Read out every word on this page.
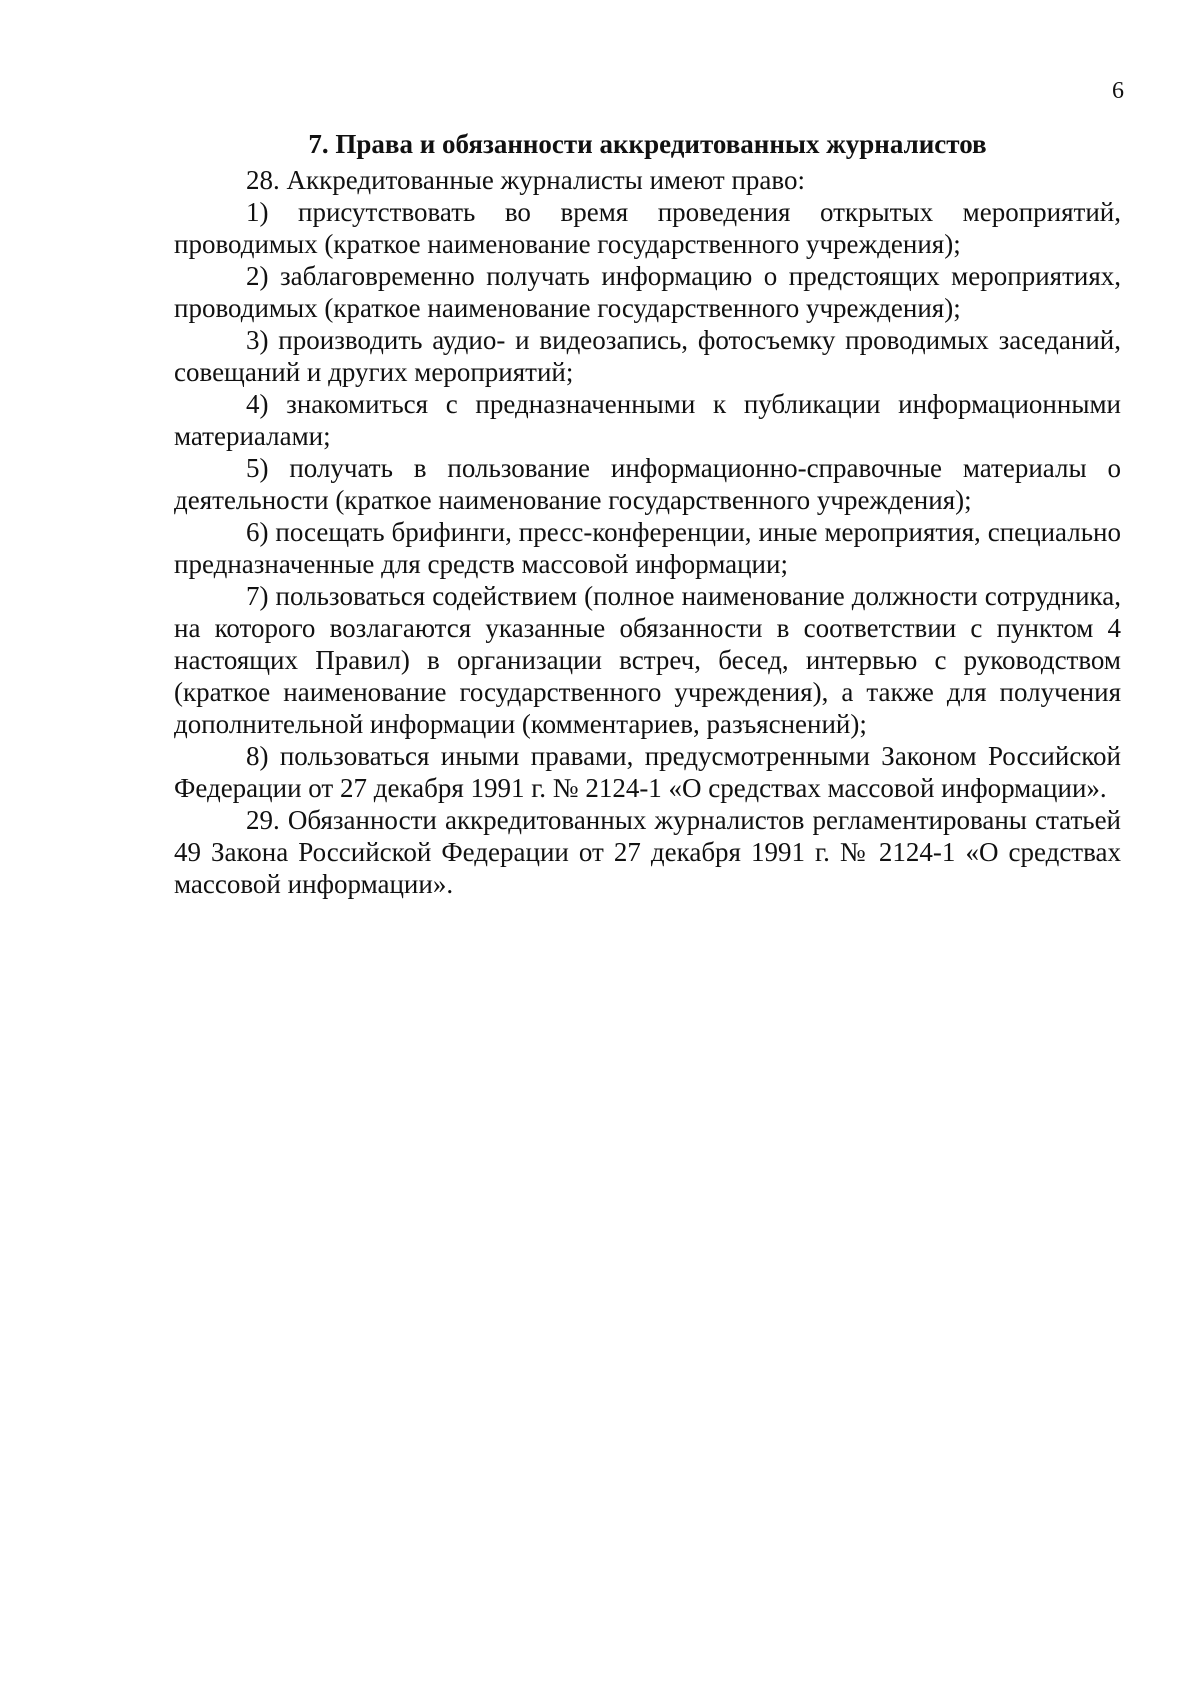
6
7. Права и обязанности аккредитованных журналистов

28. Аккредитованные журналисты имеют право:

1) присутствовать во время проведения открытых мероприятий, проводимых (краткое наименование государственного учреждения);

2) заблаговременно получать информацию о предстоящих мероприятиях, проводимых (краткое наименование государственного учреждения);

3) производить аудио- и видеозапись, фотосъемку проводимых заседаний, совещаний и других мероприятий;

4) знакомиться с предназначенными к публикации информационными материалами;

5) получать в пользование информационно-справочные материалы о деятельности (краткое наименование государственного учреждения);

6) посещать брифинги, пресс-конференции, иные мероприятия, специально предназначенные для средств массовой информации;

7) пользоваться содействием (полное наименование должности сотрудника, на которого возлагаются указанные обязанности в соответствии с пунктом 4 настоящих Правил) в организации встреч, бесед, интервью с руководством (краткое наименование государственного учреждения), а также для получения дополнительной информации (комментариев, разъяснений);

8) пользоваться иными правами, предусмотренными Законом Российской Федерации от 27 декабря 1991 г. № 2124-1 «О средствах массовой информации».

29. Обязанности аккредитованных журналистов регламентированы статьей 49 Закона Российской Федерации от 27 декабря 1991 г. № 2124-1 «О средствах массовой информации».
